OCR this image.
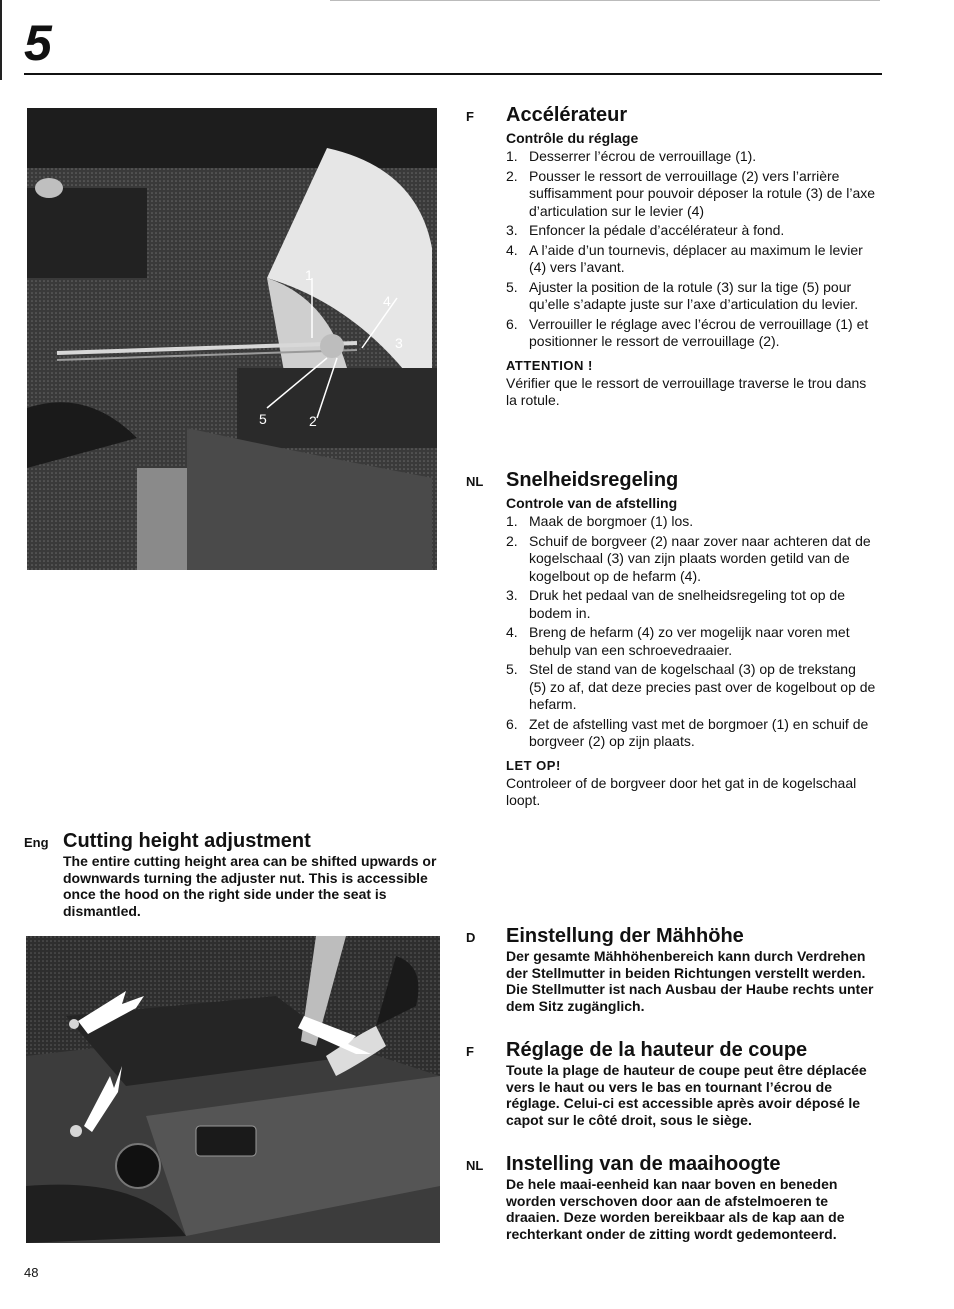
5
1
2
3
4
5
Eng Cutting height adjustment
The entire cutting height area can be shifted upwards or downwards turning the adjuster nut. This is accessible once the hood on the right side under the seat is dismantled.
F	Accélérateur
Contrôle du réglage
1. Desserrer l’écrou de verrouillage (1).
2. Pousser le ressort de verrouillage (2) vers l’arrière suffisamment pour pouvoir déposer la rotule (3) de l’axe d’articulation sur le levier (4)
3. Enfoncer la pédale d’accélérateur à fond.
4. A l’aide d’un tournevis, déplacer au maximum le levier (4) vers l’avant.
5. Ajuster la position de la rotule (3) sur la tige (5) pour qu’elle s’adapte juste sur l’axe d’articulation du levier.
6. Verrouiller le réglage avec l’écrou de verrouillage (1) et positionner le ressort de verrouillage (2).
ATTENTION !
Vérifier que le ressort de verrouillage traverse le trou dans la rotule.
NL	Snelheidsregeling
Controle van de afstelling
1. Maak de borgmoer (1) los.
2. Schuif de borgveer (2) naar zover naar achteren dat de kogelschaal (3) van zijn plaats worden getild van de kogelbout op de hefarm (4).
3. Druk het pedaal van de snelheidsregeling tot op de bodem in.
4. Breng de hefarm (4) zo ver mogelijk naar voren met behulp van een schroevedraaier.
5. Stel de stand van de kogelschaal (3) op de trekstang (5) zo af, dat deze precies past over de kogelbout op de hefarm.
6. Zet de afstelling vast met de borgmoer (1) en schuif de borgveer (2) op zijn plaats.
LET OP!
Controleer of de borgveer door het gat in de kogelschaal loopt.
D	Einstellung der Mähhöhe
Der gesamte Mähhöhenbereich kann durch Verdrehen der Stellmutter in beiden Richtungen verstellt werden. Die Stellmutter ist nach Ausbau der Haube rechts unter dem Sitz zugänglich.
F	Réglage de la hauteur de coupe
Toute la plage de hauteur de coupe peut être déplacée vers le haut ou vers le bas en tournant l’écrou de réglage. Celui-ci est accessible après avoir déposé le capot sur le côté droit, sous le siège.
NL	Instelling van de maaihoogte
De hele maai-eenheid kan naar boven en beneden worden verschoven door aan de afstelmoeren te draaien. Deze worden bereikbaar als de kap aan de rechterkant onder de zitting wordt gedemonteerd.
48
